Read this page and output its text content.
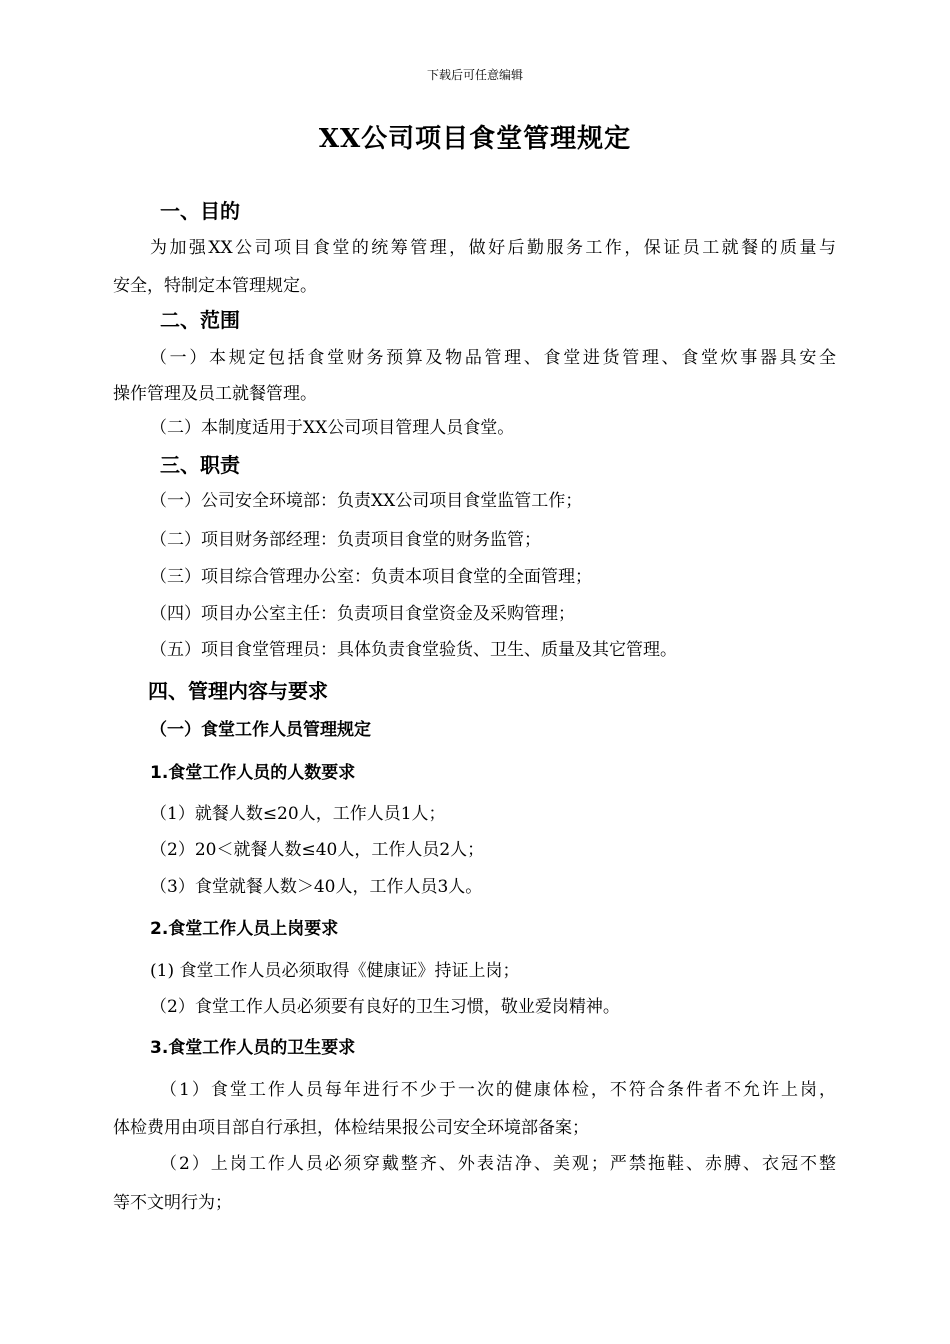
下载后可任意编辑
XX公司项目食堂管理规定
一、目的
为加强XX公司项目食堂的统筹管理，做好后勤服务工作，保证员工就餐的质量与
安全，特制定本管理规定。
二、范围
（一）本规定包括食堂财务预算及物品管理、食堂进货管理、食堂炊事器具安全
操作管理及员工就餐管理。
（二）本制度适用于XX公司项目管理人员食堂。
三、职责
（一）公司安全环境部：负责XX公司项目食堂监管工作；
（二）项目财务部经理：负责项目食堂的财务监管；
（三）项目综合管理办公室：负责本项目食堂的全面管理；
（四）项目办公室主任：负责项目食堂资金及采购管理；
（五）项目食堂管理员：具体负责食堂验货、卫生、质量及其它管理。
四、管理内容与要求
（一）食堂工作人员管理规定
1.食堂工作人员的人数要求
（1）就餐人数≤20人，工作人员1人；
（2）20＜就餐人数≤40人，工作人员2人；
（3）食堂就餐人数＞40人，工作人员3人。
2.食堂工作人员上岗要求
(1) 食堂工作人员必须取得《健康证》持证上岗；
（2）食堂工作人员必须要有良好的卫生习惯，敬业爱岗精神。
3.食堂工作人员的卫生要求
（1）食堂工作人员每年进行不少于一次的健康体检，不符合条件者不允许上岗，
体检费用由项目部自行承担，体检结果报公司安全环境部备案；
（2）上岗工作人员必须穿戴整齐、外表洁净、美观；严禁拖鞋、赤膊、衣冠不整
等不文明行为；
